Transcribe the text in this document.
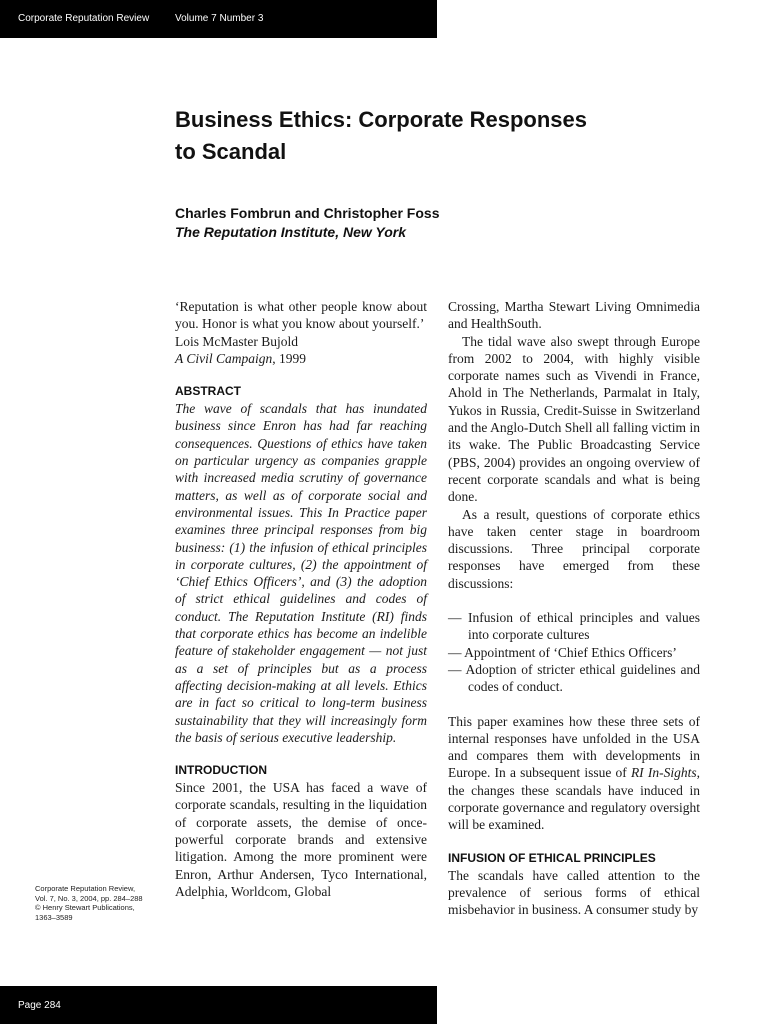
Corporate Reputation Review	Volume 7 Number 3
Business Ethics: Corporate Responses
to Scandal
Charles Fombrun and Christopher Foss
The Reputation Institute, New York

‘Reputation is what other people know about you. Honor is what you know about yourself.’

Lois McMaster Bujold

A Civil Campaign, 1999

ABSTRACT

The wave of scandals that has inundated business since Enron has had far reaching consequences. Questions of ethics have taken on particular urgency as companies grapple with increased media scrutiny of governance matters, as well as of corporate social and environmental issues. This In Practice paper examines three principal responses from big business: (1) the infusion of ethical principles in corporate cultures, (2) the appointment of ‘Chief Ethics Officers’, and (3) the adoption of strict ethical guidelines and codes of conduct. The Reputation Institute (RI) finds that corporate ethics has become an indelible feature of stakeholder engagement — not just as a set of principles but as a process affecting decision-making at all levels. Ethics are in fact so critical to long-term business sustainability that they will increasingly form the basis of serious executive leadership.

INTRODUCTION

Since 2001, the USA has faced a wave of corporate scandals, resulting in the liquidation of corporate assets, the demise of once-powerful corporate brands and extensive litigation. Among the more prominent were Enron, Arthur Andersen, Tyco International, Adelphia, Worldcom, Global

Crossing, Martha Stewart Living Omnimedia and HealthSouth.

The tidal wave also swept through Europe from 2002 to 2004, with highly visible corporate names such as Vivendi in France, Ahold in The Netherlands, Parmalat in Italy, Yukos in Russia, Credit-Suisse in Switzerland and the Anglo-Dutch Shell all falling victim in its wake. The Public Broadcasting Service (PBS, 2004) provides an ongoing overview of recent corporate scandals and what is being done.

As a result, questions of corporate ethics have taken center stage in boardroom discussions. Three principal corporate responses have emerged from these discussions:

— Infusion of ethical principles and values into corporate cultures

— Appointment of ‘Chief Ethics Officers’

— Adoption of stricter ethical guidelines and codes of conduct.

This paper examines how these three sets of internal responses have unfolded in the USA and compares them with developments in Europe. In a subsequent issue of RI In-Sights, the changes these scandals have induced in corporate governance and regulatory oversight will be examined.

INFUSION OF ETHICAL PRINCIPLES

The scandals have called attention to the prevalence of serious forms of ethical misbehavior in business. A consumer study by

Corporate Reputation Review,
Vol. 7, No. 3, 2004, pp. 284–288
© Henry Stewart Publications,
1363–3589
Page 284
